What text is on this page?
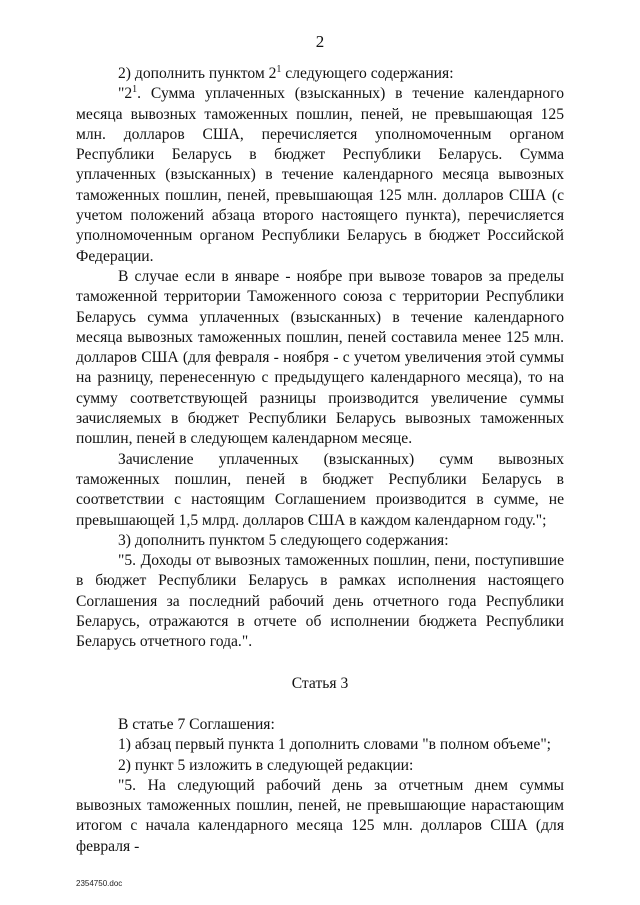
2

2) дополнить пунктом $2^1$ следующего содержания:

"$2^1$. Сумма уплаченных (взысканных) в течение календарного месяца вывозных таможенных пошлин, пеней, не превышающая 125 млн. долларов США, перечисляется уполномоченным органом Республики Беларусь в бюджет Республики Беларусь. Сумма уплаченных (взысканных) в течение календарного месяца вывозных таможенных пошлин, пеней, превышающая 125 млн. долларов США (с учетом положений абзаца второго настоящего пункта), перечисляется уполномоченным органом Республики Беларусь в бюджет Российской Федерации.

В случае если в январе - ноябре при вывозе товаров за пределы таможенной территории Таможенного союза с территории Республики Беларусь сумма уплаченных (взысканных) в течение календарного месяца вывозных таможенных пошлин, пеней составила менее 125 млн. долларов США (для февраля - ноября - с учетом увеличения этой суммы на разницу, перенесенную с предыдущего календарного месяца), то на сумму соответствующей разницы производится увеличение суммы зачисляемых в бюджет Республики Беларусь вывозных таможенных пошлин, пеней в следующем календарном месяце.

Зачисление уплаченных (взысканных) сумм вывозных таможенных пошлин, пеней в бюджет Республики Беларусь в соответствии с настоящим Соглашением производится в сумме, не превышающей 1,5 млрд. долларов США в каждом календарном году.";

3) дополнить пунктом 5 следующего содержания:

"5. Доходы от вывозных таможенных пошлин, пени, поступившие в бюджет Республики Беларусь в рамках исполнения настоящего Соглашения за последний рабочий день отчетного года Республики Беларусь, отражаются в отчете об исполнении бюджета Республики Беларусь отчетного года.".

Статья 3

В статье 7 Соглашения:

1) абзац первый пункта 1 дополнить словами "в полном объеме";

2) пункт 5 изложить в следующей редакции:

"5. На следующий рабочий день за отчетным днем суммы вывозных таможенных пошлин, пеней, не превышающие нарастающим итогом с начала календарного месяца 125 млн. долларов США (для февраля -

2354750.doc
